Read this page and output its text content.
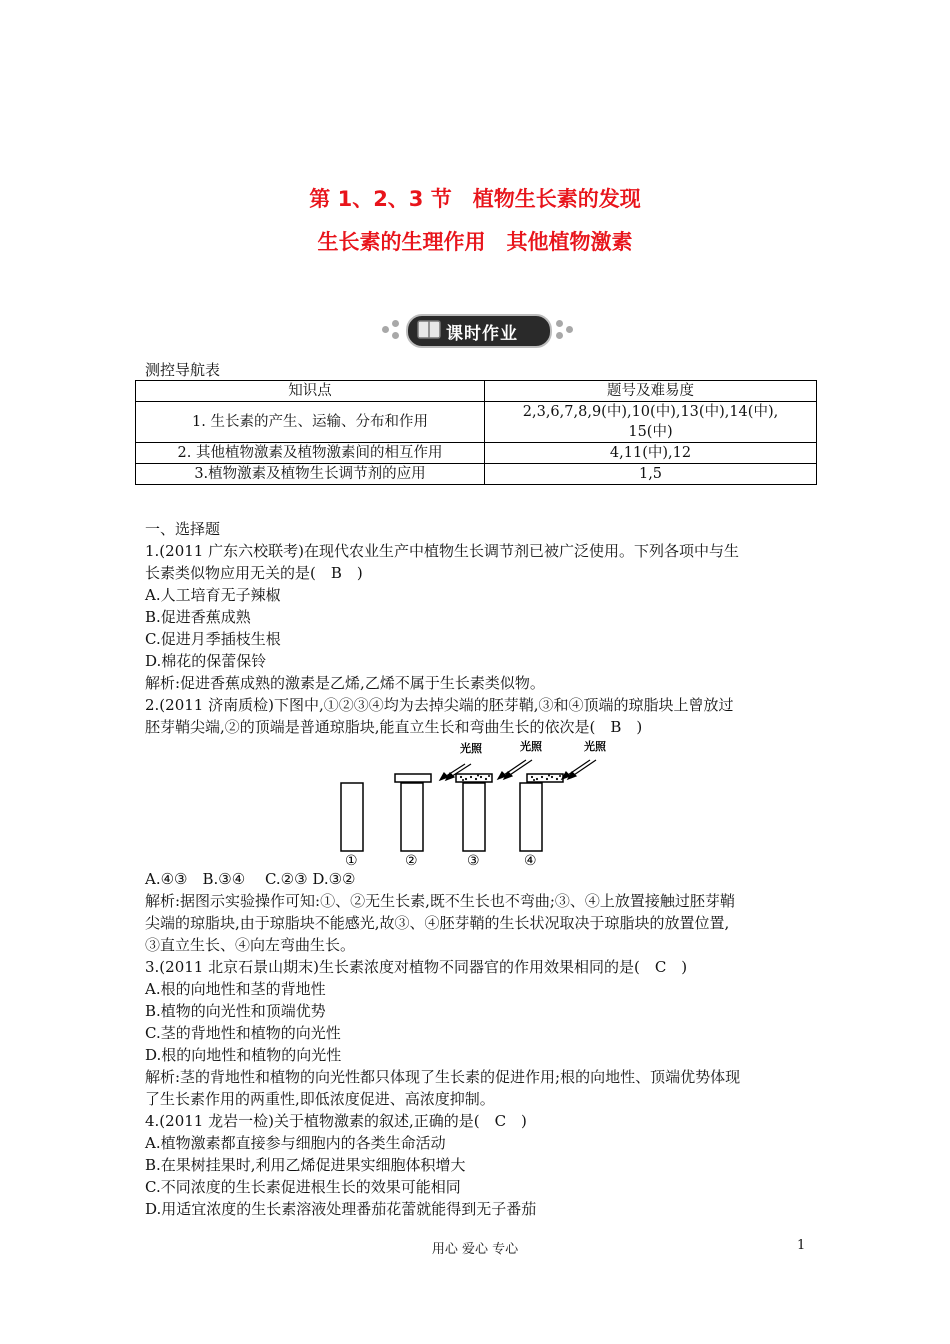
第 1、2、3 节　植物生长素的发现
生长素的生理作用　其他植物激素
课时作业
测控导航表
知识点	题号及难易度
1. 生长素的产生、运输、分布和作用	2,3,6,7,8,9(中),10(中),13(中),14(中),
15(中)

2. 其他植物激素及植物激素间的相互作用	4,11(中),12
3.植物激素及植物生长调节剂的应用	1,5
一、选择题
1.(2011 广东六校联考)在现代农业生产中植物生长调节剂已被广泛使用。下列各项中与生
长素类似物应用无关的是(　B　)
A.人工培育无子辣椒
B.促进香蕉成熟
C.促进月季插枝生根
D.棉花的保蕾保铃
解析:促进香蕉成熟的激素是乙烯,乙烯不属于生长素类似物。
2.(2011 济南质检)下图中,①②③④均为去掉尖端的胚芽鞘,③和④顶端的琼脂块上曾放过
胚芽鞘尖端,②的顶端是普通琼脂块,能直立生长和弯曲生长的依次是(　B　)
光照	光照	光照
①	②	③	④
A.④③　B.③④　 C.②③ D.③②
解析:据图示实验操作可知:①、②无生长素,既不生长也不弯曲;③、④上放置接触过胚芽鞘
尖端的琼脂块,由于琼脂块不能感光,故③、④胚芽鞘的生长状况取决于琼脂块的放置位置,
③直立生长、④向左弯曲生长。
3.(2011 北京石景山期末)生长素浓度对植物不同器官的作用效果相同的是(　C　)
A.根的向地性和茎的背地性
B.植物的向光性和顶端优势
C.茎的背地性和植物的向光性
D.根的向地性和植物的向光性
解析:茎的背地性和植物的向光性都只体现了生长素的促进作用;根的向地性、顶端优势体现
了生长素作用的两重性,即低浓度促进、高浓度抑制。
4.(2011 龙岩一检)关于植物激素的叙述,正确的是(　C　)
A.植物激素都直接参与细胞内的各类生命活动
B.在果树挂果时,利用乙烯促进果实细胞体积增大
C.不同浓度的生长素促进根生长的效果可能相同
D.用适宜浓度的生长素溶液处理番茄花蕾就能得到无子番茄
用心 爱心 专心	1
